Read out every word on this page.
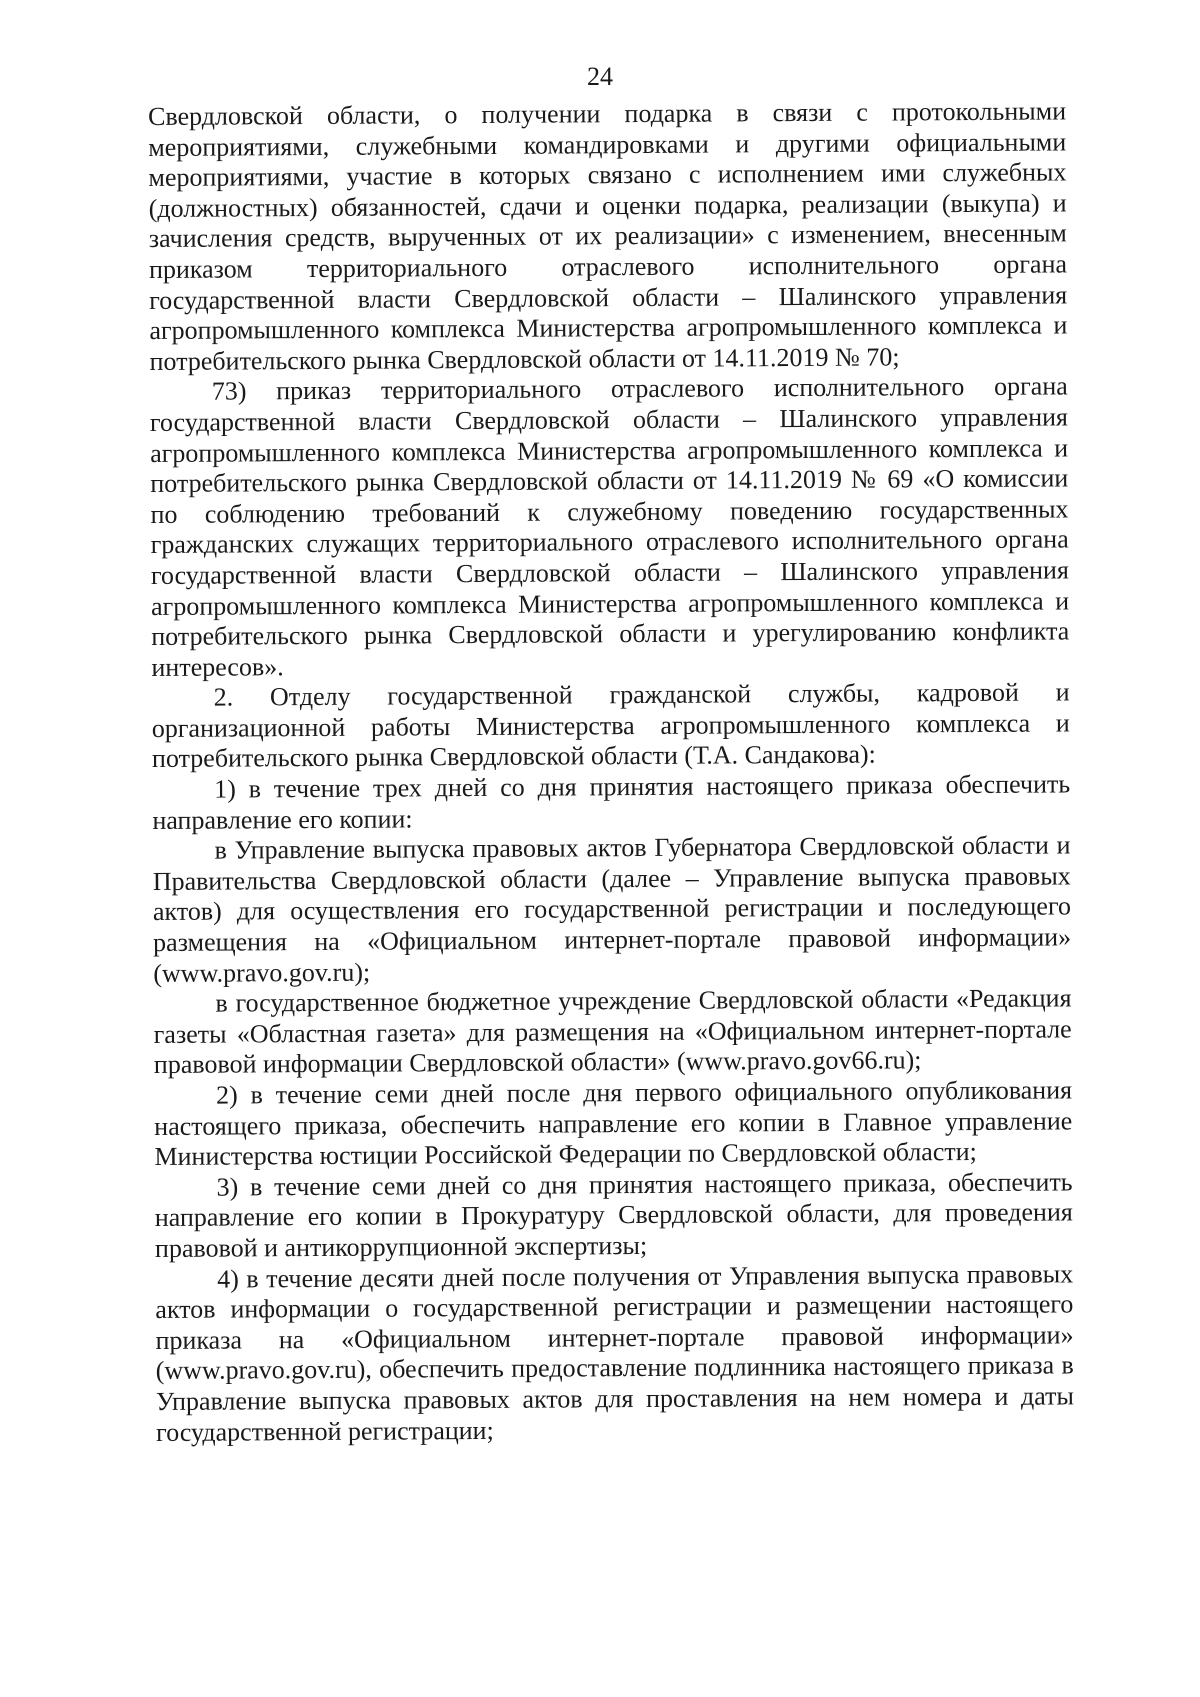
24

Свердловской области, о получении подарка в связи с протокольными мероприятиями, служебными командировками и другими официальными мероприятиями, участие в которых связано с исполнением ими служебных (должностных) обязанностей, сдачи и оценки подарка, реализации (выкупа) и зачисления средств, вырученных от их реализации» с изменением, внесенным приказом территориального отраслевого исполнительного органа государственной власти Свердловской области – Шалинского управления агропромышленного комплекса Министерства агропромышленного комплекса и потребительского рынка Свердловской области от 14.11.2019 № 70;

73) приказ территориального отраслевого исполнительного органа государственной власти Свердловской области – Шалинского управления агропромышленного комплекса Министерства агропромышленного комплекса и потребительского рынка Свердловской области от 14.11.2019 № 69 «О комиссии по соблюдению требований к служебному поведению государственных гражданских служащих территориального отраслевого исполнительного органа государственной власти Свердловской области – Шалинского управления агропромышленного комплекса Министерства агропромышленного комплекса и потребительского рынка Свердловской области и урегулированию конфликта интересов».

2. Отделу государственной гражданской службы, кадровой и организационной работы Министерства агропромышленного комплекса и потребительского рынка Свердловской области (Т.А. Сандакова):

1) в течение трех дней со дня принятия настоящего приказа обеспечить направление его копии:

в Управление выпуска правовых актов Губернатора Свердловской области и Правительства Свердловской области (далее – Управление выпуска правовых актов) для осуществления его государственной регистрации и последующего размещения на «Официальном интернет-портале правовой информации» (www.pravo.gov.ru);

в государственное бюджетное учреждение Свердловской области «Редакция газеты «Областная газета» для размещения на «Официальном интернет-портале правовой информации Свердловской области» (www.pravo.gov66.ru);

2) в течение семи дней после дня первого официального опубликования настоящего приказа, обеспечить направление его копии в Главное управление Министерства юстиции Российской Федерации по Свердловской области;

3) в течение семи дней со дня принятия настоящего приказа, обеспечить направление его копии в Прокуратуру Свердловской области, для проведения правовой и антикоррупционной экспертизы;

4) в течение десяти дней после получения от Управления выпуска правовых актов информации о государственной регистрации и размещении настоящего приказа на «Официальном интернет-портале правовой информации» (www.pravo.gov.ru), обеспечить предоставление подлинника настоящего приказа в Управление выпуска правовых актов для проставления на нем номера и даты государственной регистрации;
